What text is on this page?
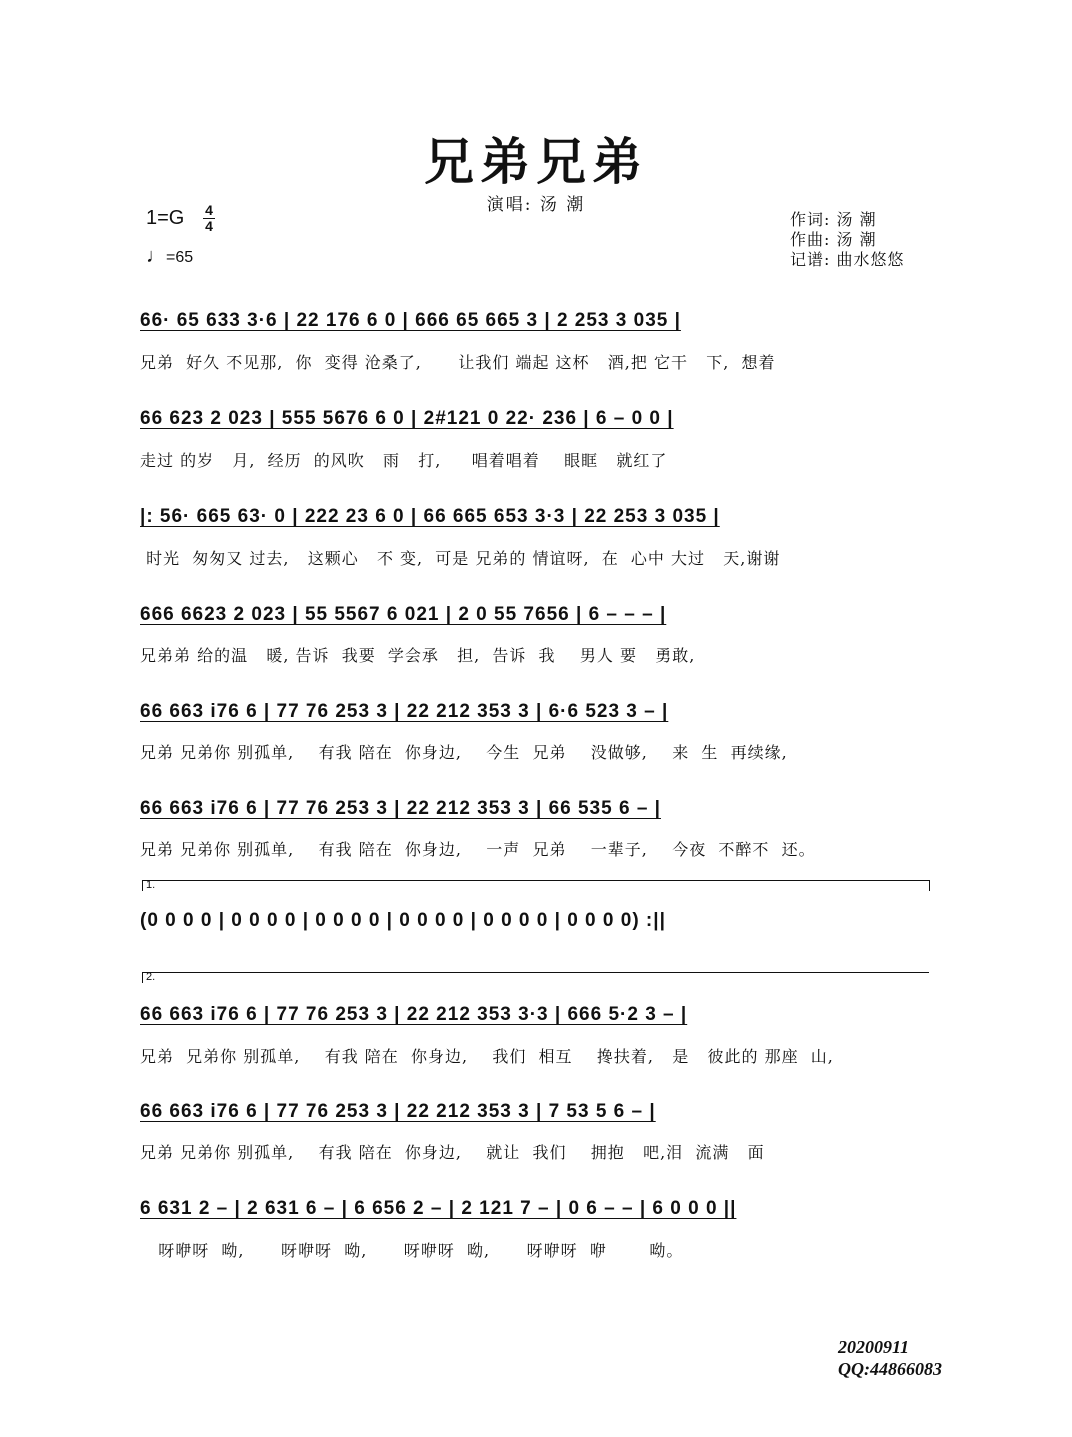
兄弟兄弟
演唱: 汤 潮
1=G 4
4
♩=65
作词: 汤 潮
作曲: 汤 潮
记谱: 曲水悠悠
66· 65 633 3·6 | 22 176 6 0 | 666 65 665 3 | 2 253 3 035 |
兄弟  好久 不见那,  你  变得 沧桑了,      让我们 端起 这杯   酒,把 它干   下,  想着
66 623 2 023 | 555 5676 6 0 | 2#121 0 22· 236 | 6 – 0 0 |
走过 的岁   月,  经历  的风吹   雨   打,     唱着唱着    眼眶   就红了
|: 56· 665 63· 0 | 222 23 6 0 | 66 665 653 3·3 | 22 253 3 035 |
时光  匆匆又 过去,   这颗心   不 变,  可是 兄弟的 情谊呀,  在  心中 大过   天,谢谢
666 6623 2 023 | 55 5567 6 021 | 2 0 55 7656 | 6 – – – |
兄弟弟 给的温   暖, 告诉  我要  学会承   担,  告诉  我    男人 要   勇敢,
66 663 i76 6 | 77 76 253 3 | 22 212 353 3 | 6·6 523 3 – |
兄弟 兄弟你 别孤单,    有我 陪在  你身边,    今生  兄弟    没做够,    来  生  再续缘,
66 663 i76 6 | 77 76 253 3 | 22 212 353 3 | 66 535 6 – |
兄弟 兄弟你 别孤单,    有我 陪在  你身边,    一声  兄弟    一辈子,    今夜  不醉不  还。
1.
(0 0 0 0 | 0 0 0 0 | 0 0 0 0 | 0 0 0 0 | 0 0 0 0 | 0 0 0 0) :||
2.
66 663 i76 6 | 77 76 253 3 | 22 212 353 3·3 | 666 5·2 3 – |
兄弟  兄弟你 别孤单,    有我 陪在  你身边,    我们  相互    搀扶着,   是   彼此的 那座  山,
66 663 i76 6 | 77 76 253 3 | 22 212 353 3 | 7 53 5 6 – |
兄弟 兄弟你 别孤单,    有我 陪在  你身边,    就让  我们    拥抱   吧,泪  流满   面
6 631 2 – | 2 631 6 – | 6 656 2 – | 2 121 7 – | 0 6 – – | 6 0 0 0 ||
呀咿呀  呦,      呀咿呀  呦,      呀咿呀  呦,      呀咿呀  咿       呦。
20200911
QQ:44866083
